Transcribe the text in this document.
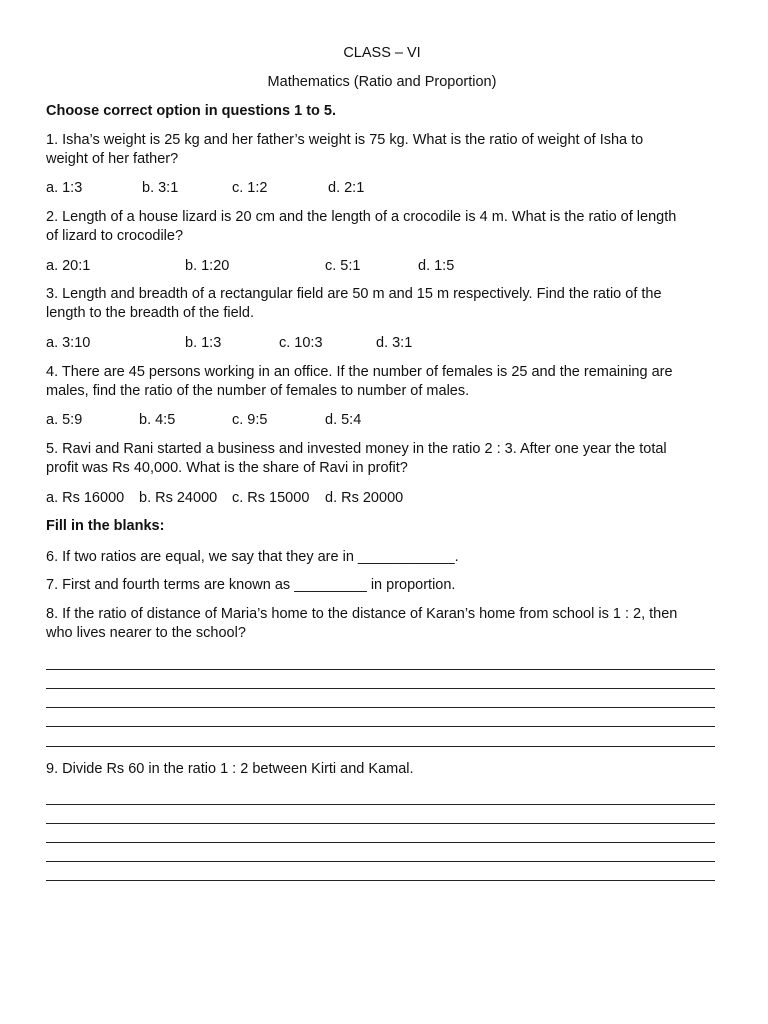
CLASS – VI
Mathematics (Ratio and Proportion)
Choose correct option in questions 1 to 5.
1. Isha’s weight is 25 kg and her father’s weight is 75 kg. What is the ratio of weight of Isha to
weight of her father?
a. 1:3	b. 3:1	c. 1:2	d. 2:1
2. Length of a house lizard is 20 cm and the length of a crocodile is 4 m. What is the ratio of length
of lizard to crocodile?
a. 20:1	b. 1:20	c. 5:1	d. 1:5
3. Length and breadth of a rectangular field are 50 m and 15 m respectively. Find the ratio of the
length to the breadth of the field.
a. 3:10	b. 1:3	c. 10:3	d. 3:1
4. There are 45 persons working in an office. If the number of females is 25 and the remaining are
males, find the ratio of the number of females to number of males.
a. 5:9	b. 4:5	c. 9:5	d. 5:4
5. Ravi and Rani started a business and invested money in the ratio 2 : 3. After one year the total
profit was Rs 40,000. What is the share of Ravi in profit?
a. Rs 16000 b. Rs 24000 c. Rs 15000 d. Rs 20000
Fill in the blanks:
6. If two ratios are equal, we say that they are in ____________.
7. First and fourth terms are known as _________ in proportion.
8. If the ratio of distance of Maria’s home to the distance of Karan’s home from school is 1 : 2, then
who lives nearer to the school?
9. Divide Rs 60 in the ratio 1 : 2 between Kirti and Kamal.
